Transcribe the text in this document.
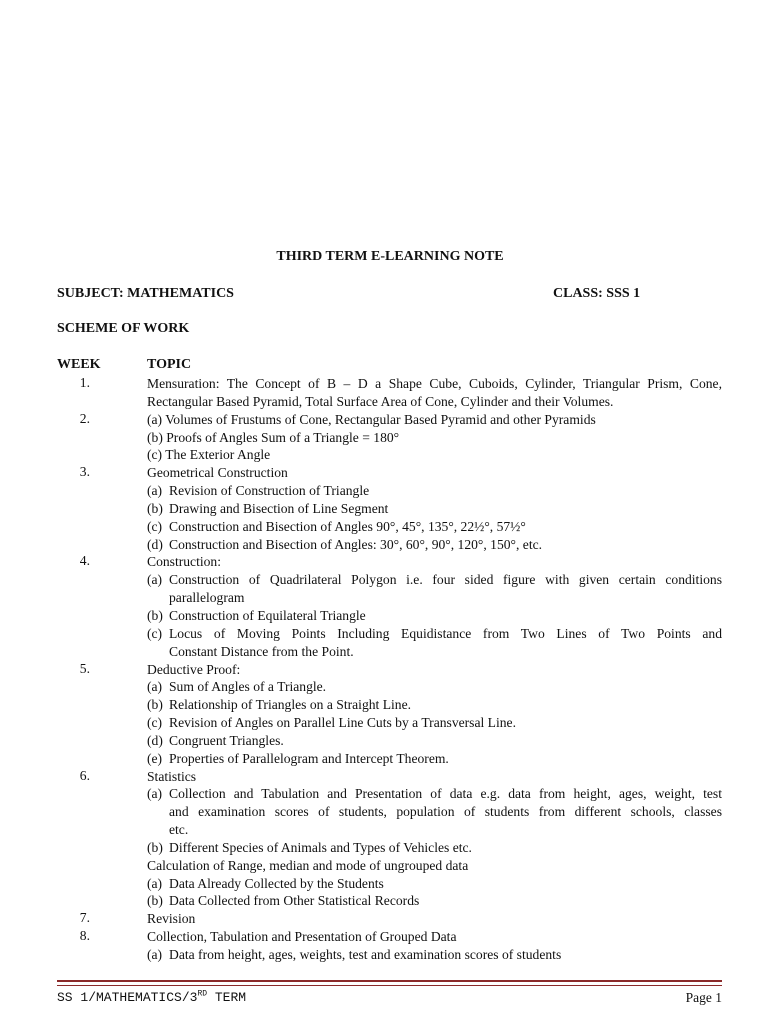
THIRD TERM E-LEARNING NOTE
SUBJECT: MATHEMATICS	CLASS: SSS 1
SCHEME OF WORK
WEEK	TOPIC
1.	Mensuration: The Concept of B – D a Shape Cube, Cuboids, Cylinder, Triangular Prism, Cone,
Rectangular Based Pyramid, Total Surface Area of Cone, Cylinder and their Volumes.
2.	(a) Volumes of Frustums of Cone, Rectangular Based Pyramid and other Pyramids
(b) Proofs of Angles Sum of a Triangle = 180°
(c) The Exterior Angle
3.	Geometrical Construction
(a) Revision of Construction of Triangle
(b) Drawing and Bisection of Line Segment
(c) Construction and Bisection of Angles 90°, 45°, 135°, 22½°, 57½°
(d) Construction and Bisection of Angles: 30°, 60°, 90°, 120°, 150°, etc.
4.	Construction:
(a) Construction of Quadrilateral Polygon i.e. four sided figure with given certain conditions
parallelogram
(b) Construction of Equilateral Triangle
(c) Locus of Moving Points Including Equidistance from Two Lines of Two Points and
Constant Distance from the Point.
5.	Deductive Proof:
(a) Sum of Angles of a Triangle.
(b) Relationship of Triangles on a Straight Line.
(c) Revision of Angles on Parallel Line Cuts by a Transversal Line.
(d) Congruent Triangles.
(e) Properties of Parallelogram and Intercept Theorem.
6.	Statistics
(a) Collection and Tabulation and Presentation of data e.g. data from height, ages, weight, test
and examination scores of students, population of students from different schools, classes
etc.
(b) Different Species of Animals and Types of Vehicles etc.
Calculation of Range, median and mode of ungrouped data
(a) Data Already Collected by the Students
(b) Data Collected from Other Statistical Records
7.	Revision
8.	Collection, Tabulation and Presentation of Grouped Data
(a) Data from height, ages, weights, test and examination scores of students
SS 1/MATHEMATICS/3RD TERM	Page 1
